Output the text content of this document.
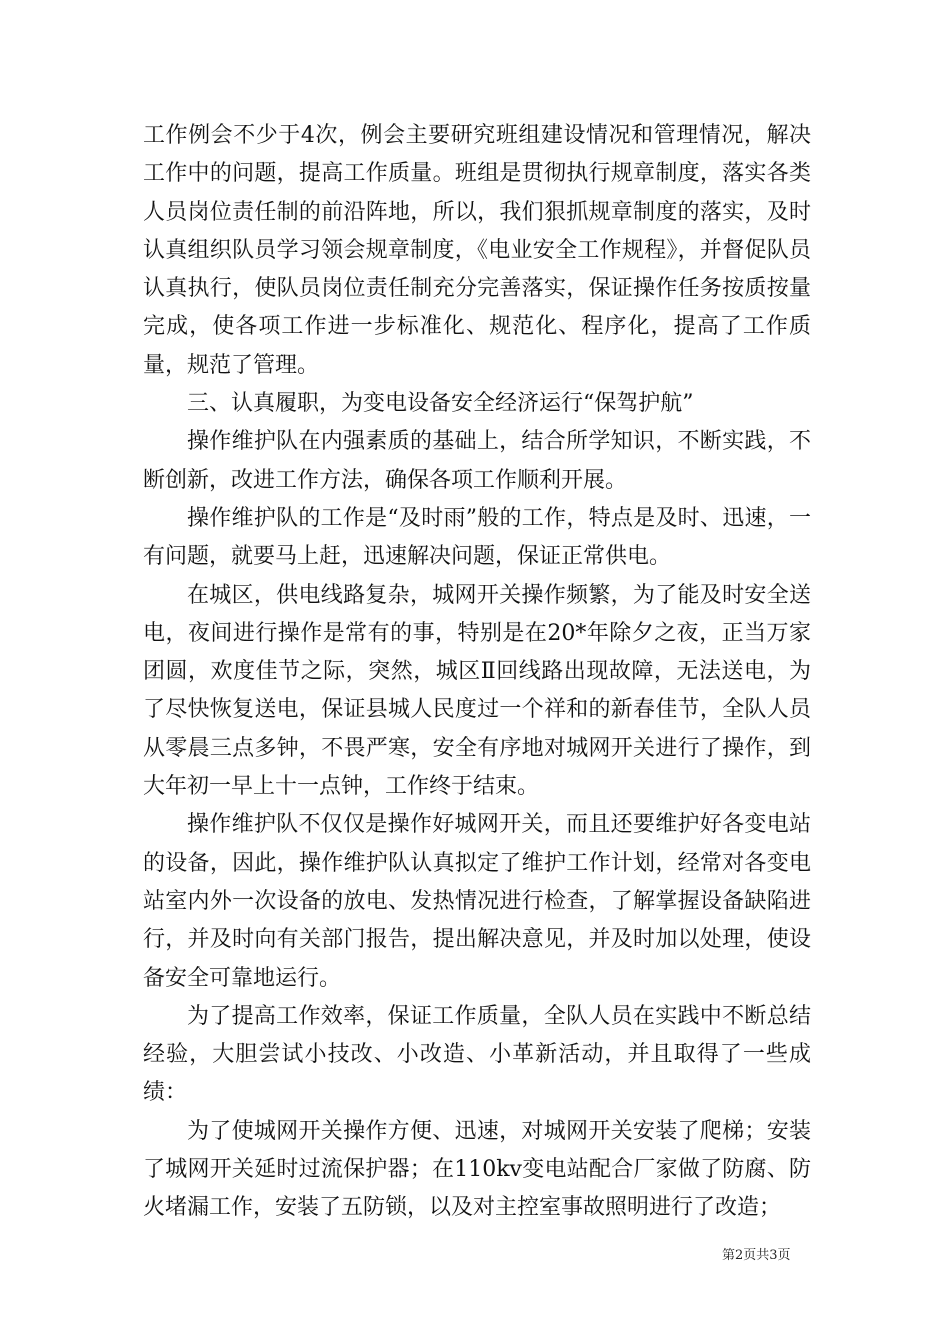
工作例会不少于4次，例会主要研究班组建设情况和管理情况，解决工作中的问题，提高工作质量。班组是贯彻执行规章制度，落实各类人员岗位责任制的前沿阵地，所以，我们狠抓规章制度的落实，及时认真组织队员学习领会规章制度，《电业安全工作规程》，并督促队员认真执行，使队员岗位责任制充分完善落实，保证操作任务按质按量完成，使各项工作进一步标准化、规范化、程序化，提高了工作质量，规范了管理。

三、认真履职，为变电设备安全经济运行“保驾护航”

操作维护队在内强素质的基础上，结合所学知识，不断实践，不断创新，改进工作方法，确保各项工作顺利开展。

操作维护队的工作是“及时雨”般的工作，特点是及时、迅速，一有问题，就要马上赶，迅速解决问题，保证正常供电。

在城区，供电线路复杂，城网开关操作频繁，为了能及时安全送电，夜间进行操作是常有的事，特别是在20*年除夕之夜，正当万家团圆，欢度佳节之际，突然，城区Ⅱ回线路出现故障，无法送电，为了尽快恢复送电，保证县城人民度过一个祥和的新春佳节，全队人员从零晨三点多钟，不畏严寒，安全有序地对城网开关进行了操作，到大年初一早上十一点钟，工作终于结束。

操作维护队不仅仅是操作好城网开关，而且还要维护好各变电站的设备，因此，操作维护队认真拟定了维护工作计划，经常对各变电站室内外一次设备的放电、发热情况进行检查，了解掌握设备缺陷进行，并及时向有关部门报告，提出解决意见，并及时加以处理，使设备安全可靠地运行。

为了提高工作效率，保证工作质量，全队人员在实践中不断总结经验，大胆尝试小技改、小改造、小革新活动，并且取得了一些成绩：

为了使城网开关操作方便、迅速，对城网开关安装了爬梯；安装了城网开关延时过流保护器；在110kv变电站配合厂家做了防腐、防火堵漏工作，安装了五防锁，以及对主控室事故照明进行了改造；

第2页共3页
